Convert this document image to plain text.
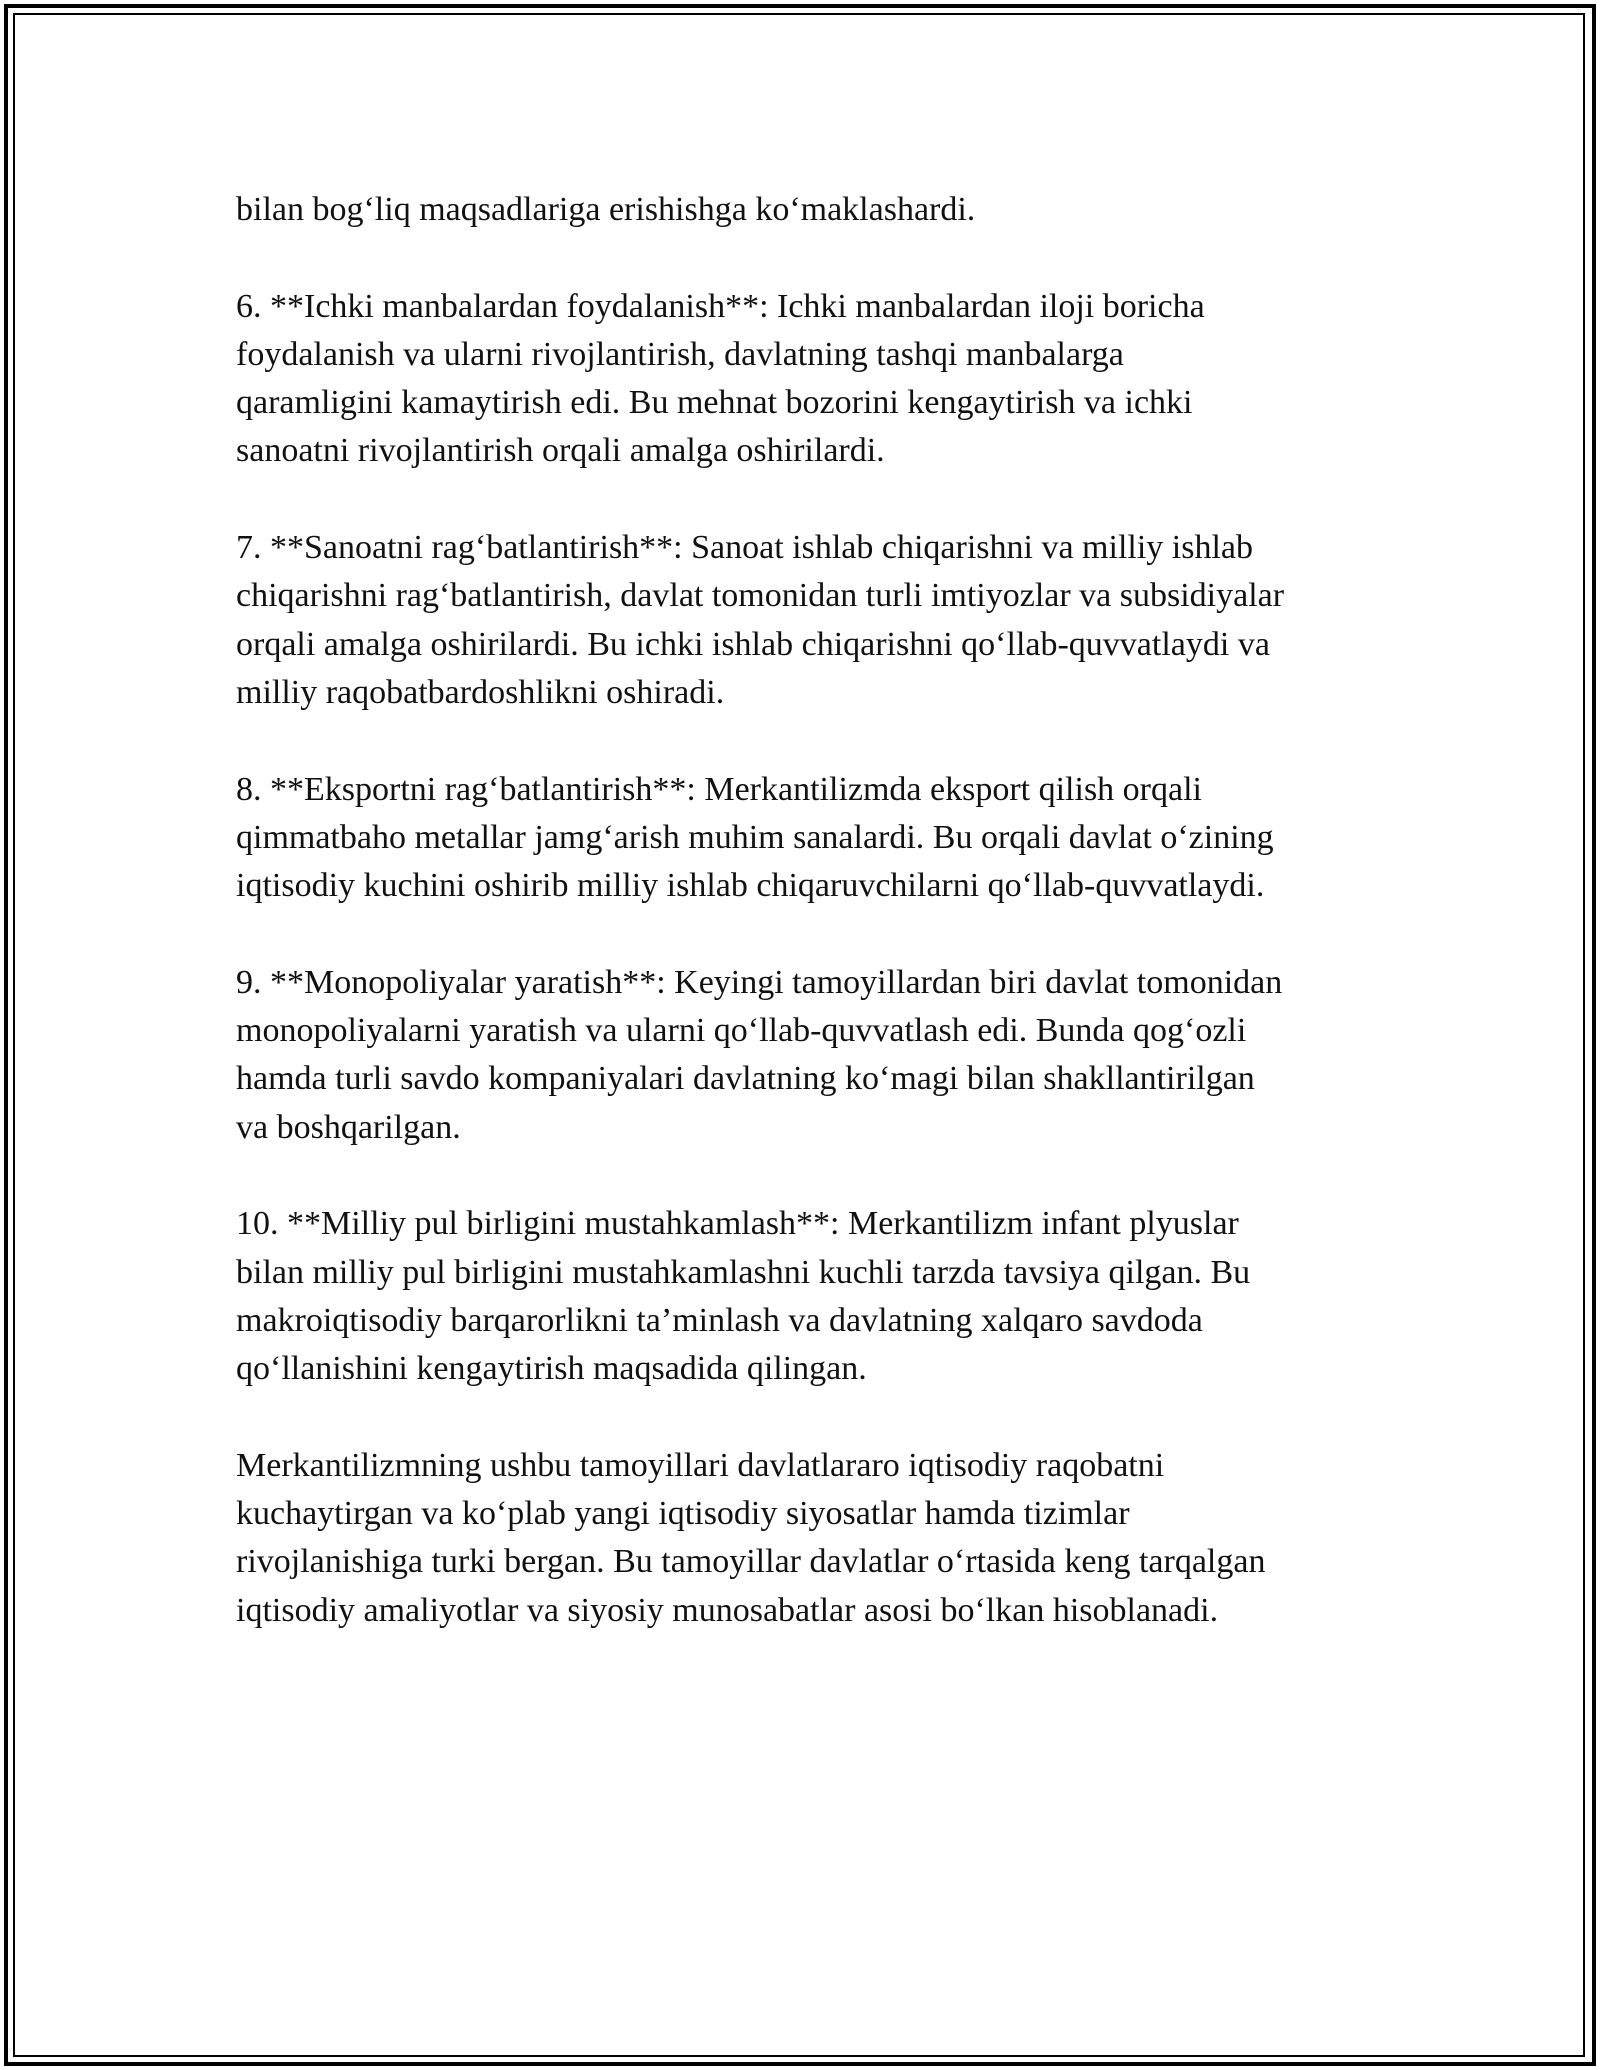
bilan bog‘liq maqsadlariga erishishga ko‘maklashardi.

6. **Ichki manbalardan foydalanish**: Ichki manbalardan iloji boricha
foydalanish va ularni rivojlantirish, davlatning tashqi manbalarga
qaramligini kamaytirish edi. Bu mehnat bozorini kengaytirish va ichki
sanoatni rivojlantirish orqali amalga oshirilardi.

7. **Sanoatni rag‘batlantirish**: Sanoat ishlab chiqarishni va milliy ishlab
chiqarishni rag‘batlantirish, davlat tomonidan turli imtiyozlar va subsidiyalar
orqali amalga oshirilardi. Bu ichki ishlab chiqarishni qo‘llab-quvvatlaydi va
milliy raqobatbardoshlikni oshiradi.

8. **Eksportni rag‘batlantirish**: Merkantilizmda eksport qilish orqali
qimmatbaho metallar jamg‘arish muhim sanalardi. Bu orqali davlat o‘zining
iqtisodiy kuchini oshirib milliy ishlab chiqaruvchilarni qo‘llab-quvvatlaydi.

9. **Monopoliyalar yaratish**: Keyingi tamoyillardan biri davlat tomonidan
monopoliyalarni yaratish va ularni qo‘llab-quvvatlash edi. Bunda qog‘ozli
hamda turli savdo kompaniyalari davlatning ko‘magi bilan shakllantirilgan
va boshqarilgan.

10. **Milliy pul birligini mustahkamlash**: Merkantilizm infant plyuslar
bilan milliy pul birligini mustahkamlashni kuchli tarzda tavsiya qilgan. Bu
makroiqtisodiy barqarorlikni ta’minlash va davlatning xalqaro savdoda
qo‘llanishini kengaytirish maqsadida qilingan.

Merkantilizmning ushbu tamoyillari davlatlararo iqtisodiy raqobatni
kuchaytirgan va ko‘plab yangi iqtisodiy siyosatlar hamda tizimlar
rivojlanishiga turki bergan. Bu tamoyillar davlatlar o‘rtasida keng tarqalgan
iqtisodiy amaliyotlar va siyosiy munosabatlar asosi bo‘lkan hisoblanadi.
